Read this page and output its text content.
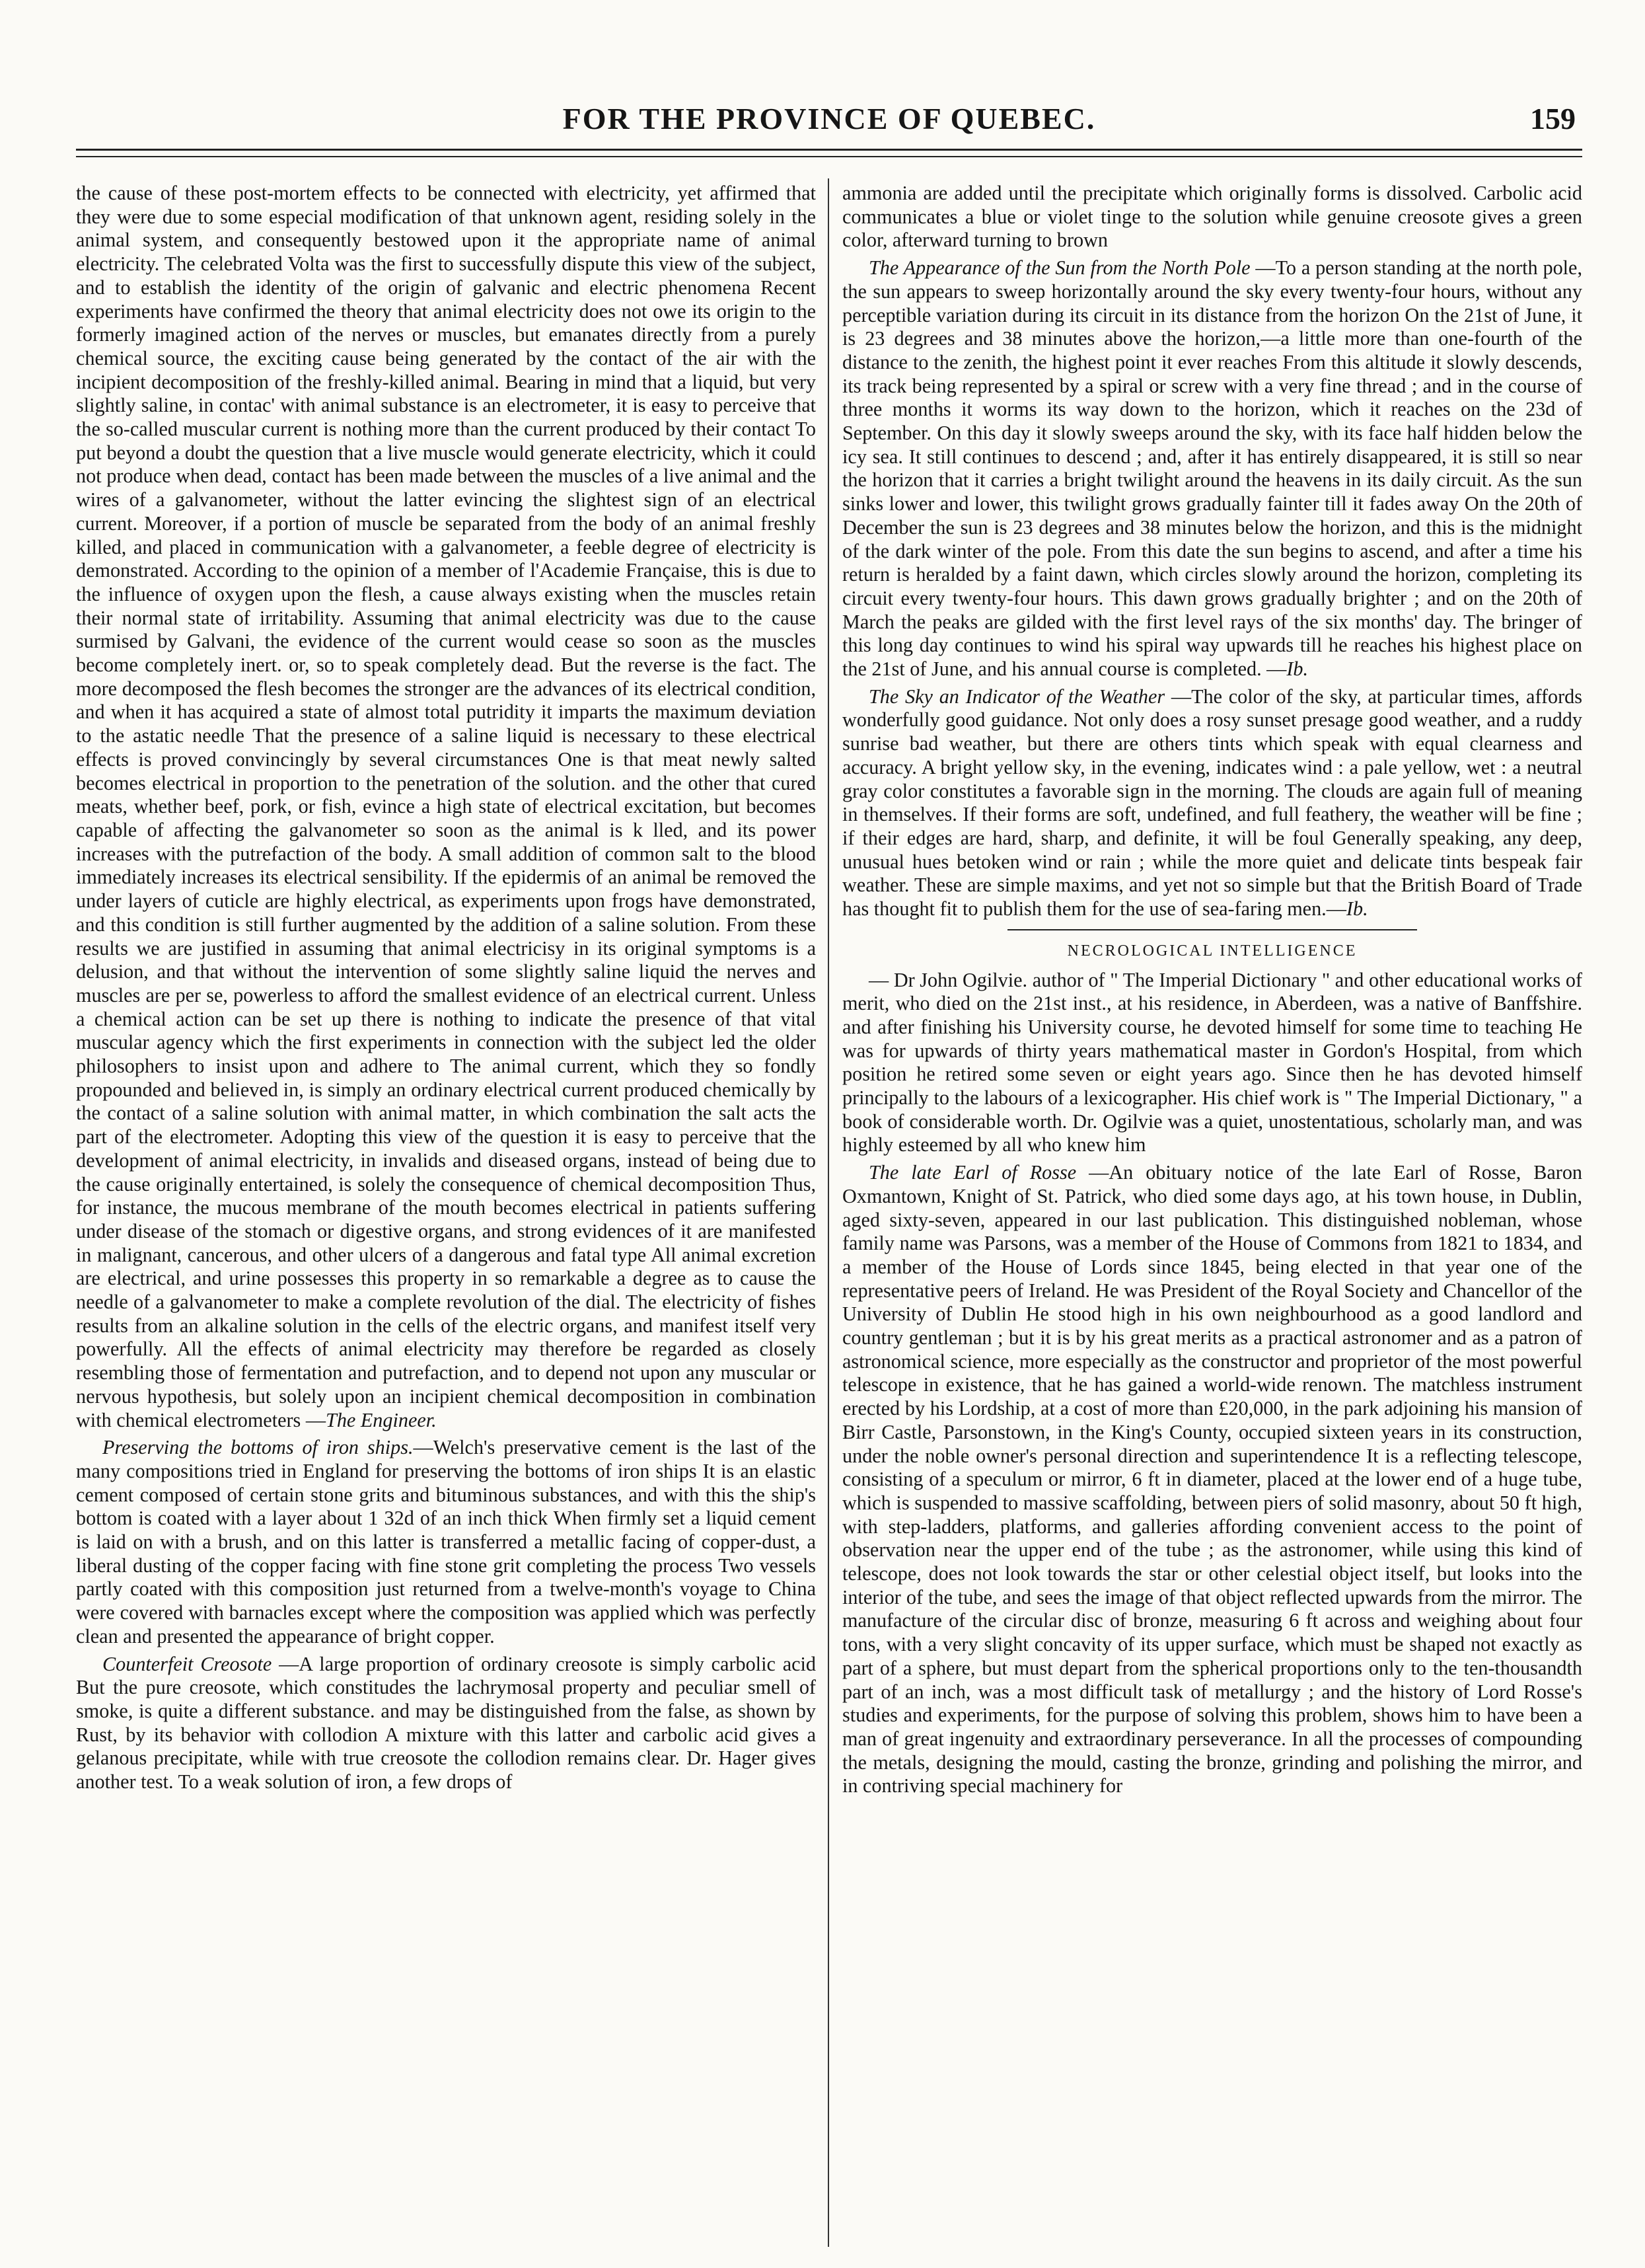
FOR THE PROVINCE OF QUEBEC.	159

the cause of these post-mortem effects to be connected with electricity, yet affirmed that they were due to some especial modification of that unknown agent, residing solely in the animal system, and consequently bestowed upon it the appropriate name of animal electricity. The celebrated Volta was the first to successfully dispute this view of the subject, and to establish the identity of the origin of galvanic and electric phenomena Recent experiments have confirmed the theory that animal electricity does not owe its origin to the formerly imagined action of the nerves or muscles, but emanates directly from a purely chemical source, the exciting cause being generated by the contact of the air with the incipient decomposition of the freshly-killed animal. Bearing in mind that a liquid, but very slightly saline, in contac' with animal substance is an electrometer, it is easy to perceive that the so-called muscular current is nothing more than the current produced by their contact To put beyond a doubt the question that a live muscle would generate electricity, which it could not produce when dead, contact has been made between the muscles of a live animal and the wires of a galvanometer, without the latter evincing the slightest sign of an electrical current. Moreover, if a portion of muscle be separated from the body of an animal freshly killed, and placed in communication with a galvanometer, a feeble degree of electricity is demonstrated. According to the opinion of a member of l'Academie Française, this is due to the influence of oxygen upon the flesh, a cause always existing when the muscles retain their normal state of irritability. Assuming that animal electricity was due to the cause surmised by Galvani, the evidence of the current would cease so soon as the muscles become completely inert. or, so to speak completely dead. But the reverse is the fact. The more decomposed the flesh becomes the stronger are the advances of its electrical condition, and when it has acquired a state of almost total putridity it imparts the maximum deviation to the astatic needle That the presence of a saline liquid is necessary to these electrical effects is proved convincingly by several circumstances One is that meat newly salted becomes electrical in proportion to the penetration of the solution. and the other that cured meats, whether beef, pork, or fish, evince a high state of electrical excitation, but becomes capable of affecting the galvanometer so soon as the animal is k lled, and its power increases with the putrefaction of the body. A small addition of common salt to the blood immediately increases its electrical sensibility. If the epidermis of an animal be removed the under layers of cuticle are highly electrical, as experiments upon frogs have demonstrated, and this condition is still further augmented by the addition of a saline solution. From these results we are justified in assuming that animal electricisy in its original symptoms is a delusion, and that without the intervention of some slightly saline liquid the nerves and muscles are per se, powerless to afford the smallest evidence of an electrical current. Unless a chemical action can be set up there is nothing to indicate the presence of that vital muscular agency which the first experiments in connection with the subject led the older philosophers to insist upon and adhere to The animal current, which they so fondly propounded and believed in, is simply an ordinary electrical current produced chemically by the contact of a saline solution with animal matter, in which combination the salt acts the part of the electrometer. Adopting this view of the question it is easy to perceive that the development of animal electricity, in invalids and diseased organs, instead of being due to the cause originally entertained, is solely the consequence of chemical decomposition Thus, for instance, the mucous membrane of the mouth becomes electrical in patients suffering under disease of the stomach or digestive organs, and strong evidences of it are manifested in malignant, cancerous, and other ulcers of a dangerous and fatal type All animal excretion are electrical, and urine possesses this property in so remarkable a degree as to cause the needle of a galvanometer to make a complete revolution of the dial. The electricity of fishes results from an alkaline solution in the cells of the electric organs, and manifest itself very powerfully. All the effects of animal electricity may therefore be regarded as closely resembling those of fermentation and putrefaction, and to depend not upon any muscular or nervous hypothesis, but solely upon an incipient chemical decomposition in combination with chemical electrometers —The Engineer.

Preserving the bottoms of iron ships.—Welch's preservative cement is the last of the many compositions tried in England for preserving the bottoms of iron ships It is an elastic cement composed of certain stone grits and bituminous substances, and with this the ship's bottom is coated with a layer about 1 32d of an inch thick When firmly set a liquid cement is laid on with a brush, and on this latter is transferred a metallic facing of copper-dust, a liberal dusting of the copper facing with fine stone grit completing the process Two vessels partly coated with this composition just returned from a twelve-month's voyage to China were covered with barnacles except where the composition was applied which was perfectly clean and presented the appearance of bright copper.

Counterfeit Creosote —A large proportion of ordinary creosote is simply carbolic acid But the pure creosote, which constitudes the lachrymosal property and peculiar smell of smoke, is quite a different substance. and may be distinguished from the false, as shown by Rust, by its behavior with collodion A mixture with this latter and carbolic acid gives a gelanous precipitate, while with true creosote the collodion remains clear. Dr. Hager gives another test. To a weak solution of iron, a few drops of

ammonia are added until the precipitate which originally forms is dissolved. Carbolic acid communicates a blue or violet tinge to the solution while genuine creosote gives a green color, afterward turning to brown

The Appearance of the Sun from the North Pole —To a person standing at the north pole, the sun appears to sweep horizontally around the sky every twenty-four hours, without any perceptible variation during its circuit in its distance from the horizon On the 21st of June, it is 23 degrees and 38 minutes above the horizon,—a little more than one-fourth of the distance to the zenith, the highest point it ever reaches From this altitude it slowly descends, its track being represented by a spiral or screw with a very fine thread ; and in the course of three months it worms its way down to the horizon, which it reaches on the 23d of September. On this day it slowly sweeps around the sky, with its face half hidden below the icy sea. It still continues to descend ; and, after it has entirely disappeared, it is still so near the horizon that it carries a bright twilight around the heavens in its daily circuit. As the sun sinks lower and lower, this twilight grows gradually fainter till it fades away On the 20th of December the sun is 23 degrees and 38 minutes below the horizon, and this is the midnight of the dark winter of the pole. From this date the sun begins to ascend, and after a time his return is heralded by a faint dawn, which circles slowly around the horizon, completing its circuit every twenty-four hours. This dawn grows gradually brighter ; and on the 20th of March the peaks are gilded with the first level rays of the six months' day. The bringer of this long day continues to wind his spiral way upwards till he reaches his highest place on the 21st of June, and his annual course is completed. —Ib.

The Sky an Indicator of the Weather —The color of the sky, at particular times, affords wonderfully good guidance. Not only does a rosy sunset presage good weather, and a ruddy sunrise bad weather, but there are others tints which speak with equal clearness and accuracy. A bright yellow sky, in the evening, indicates wind : a pale yellow, wet : a neutral gray color constitutes a favorable sign in the morning. The clouds are again full of meaning in themselves. If their forms are soft, undefined, and full feathery, the weather will be fine ; if their edges are hard, sharp, and definite, it will be foul Generally speaking, any deep, unusual hues betoken wind or rain ; while the more quiet and delicate tints bespeak fair weather. These are simple maxims, and yet not so simple but that the British Board of Trade has thought fit to publish them for the use of sea-faring men.—Ib.

NECROLOGICAL INTELLIGENCE

— Dr John Ogilvie. author of " The Imperial Dictionary " and other educational works of merit, who died on the 21st inst., at his residence, in Aberdeen, was a native of Banffshire. and after finishing his University course, he devoted himself for some time to teaching He was for upwards of thirty years mathematical master in Gordon's Hospital, from which position he retired some seven or eight years ago. Since then he has devoted himself principally to the labours of a lexicographer. His chief work is " The Imperial Dictionary, " a book of considerable worth. Dr. Ogilvie was a quiet, unostentatious, scholarly man, and was highly esteemed by all who knew him

The late Earl of Rosse —An obituary notice of the late Earl of Rosse, Baron Oxmantown, Knight of St. Patrick, who died some days ago, at his town house, in Dublin, aged sixty-seven, appeared in our last publication. This distinguished nobleman, whose family name was Parsons, was a member of the House of Commons from 1821 to 1834, and a member of the House of Lords since 1845, being elected in that year one of the representative peers of Ireland. He was President of the Royal Society and Chancellor of the University of Dublin He stood high in his own neighbourhood as a good landlord and country gentleman ; but it is by his great merits as a practical astronomer and as a patron of astronomical science, more especially as the constructor and proprietor of the most powerful telescope in existence, that he has gained a world-wide renown. The matchless instrument erected by his Lordship, at a cost of more than £20,000, in the park adjoining his mansion of Birr Castle, Parsonstown, in the King's County, occupied sixteen years in its construction, under the noble owner's personal direction and superintendence It is a reflecting telescope, consisting of a speculum or mirror, 6 ft in diameter, placed at the lower end of a huge tube, which is suspended to massive scaffolding, between piers of solid masonry, about 50 ft high, with step-ladders, platforms, and galleries affording convenient access to the point of observation near the upper end of the tube ; as the astronomer, while using this kind of telescope, does not look towards the star or other celestial object itself, but looks into the interior of the tube, and sees the image of that object reflected upwards from the mirror. The manufacture of the circular disc of bronze, measuring 6 ft across and weighing about four tons, with a very slight concavity of its upper surface, which must be shaped not exactly as part of a sphere, but must depart from the spherical proportions only to the ten-thousandth part of an inch, was a most difficult task of metallurgy ; and the history of Lord Rosse's studies and experiments, for the purpose of solving this problem, shows him to have been a man of great ingenuity and extraordinary perseverance. In all the processes of compounding the metals, designing the mould, casting the bronze, grinding and polishing the mirror, and in contriving special machinery for
